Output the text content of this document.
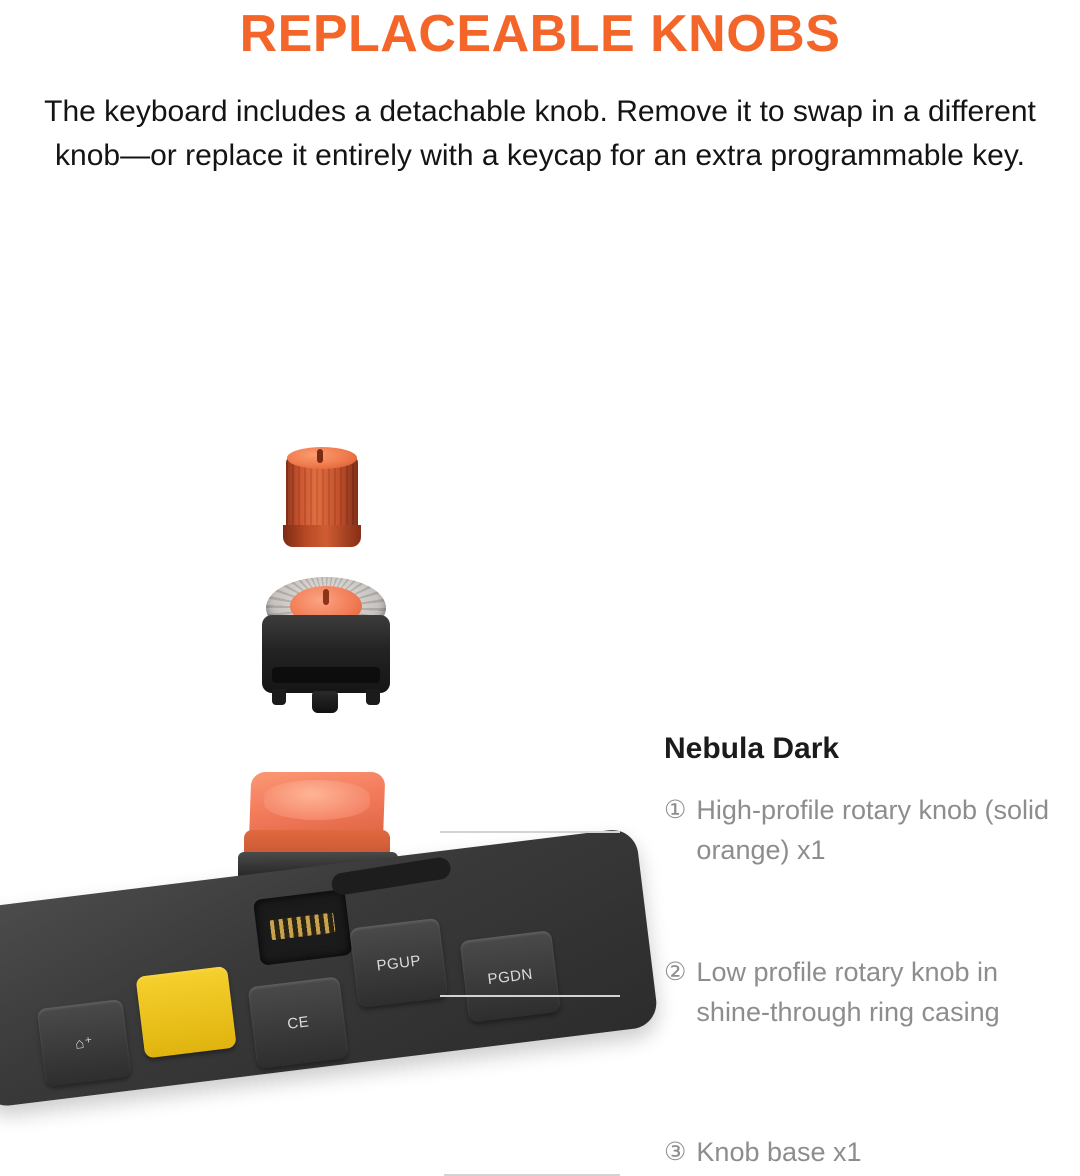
REPLACEABLE KNOBS

The keyboard includes a detachable knob. Remove it to swap in a different knob—or replace it entirely with a keycap for an extra programmable key.

⌂⁺
CE
PGUP
PGDN
Nebula Dark
① High-profile rotary knob (solid orange) x1
② Low profile rotary knob in shine-through ring casing
③ Knob base x1
